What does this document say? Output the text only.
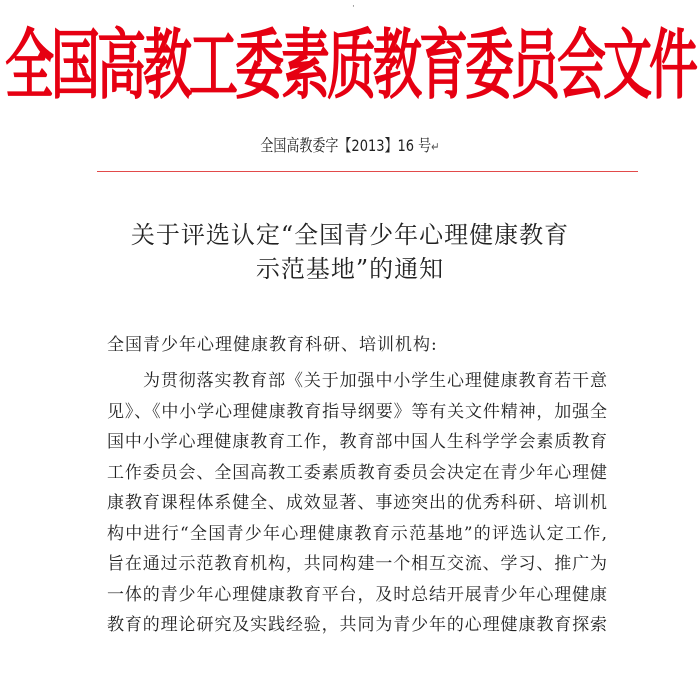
·
全国高教工委素质教育委员会文件
全国高教委字【2013】16 号↵
关于评选认定“全国青少年心理健康教育
示范基地”的通知
全国青少年心理健康教育科研、培训机构:
为贯彻落实教育部《关于加强中小学生心理健康教育若干意
见》、《中小学心理健康教育指导纲要》等有关文件精神，加强全
国中小学心理健康教育工作，教育部中国人生科学学会素质教育
工作委员会、全国高教工委素质教育委员会决定在青少年心理健
康教育课程体系健全、成效显著、事迹突出的优秀科研、培训机
构中进行“全国青少年心理健康教育示范基地”的评选认定工作,
旨在通过示范教育机构，共同构建一个相互交流、学习、推广为
一体的青少年心理健康教育平台，及时总结开展青少年心理健康
教育的理论研究及实践经验，共同为青少年的心理健康教育探索
